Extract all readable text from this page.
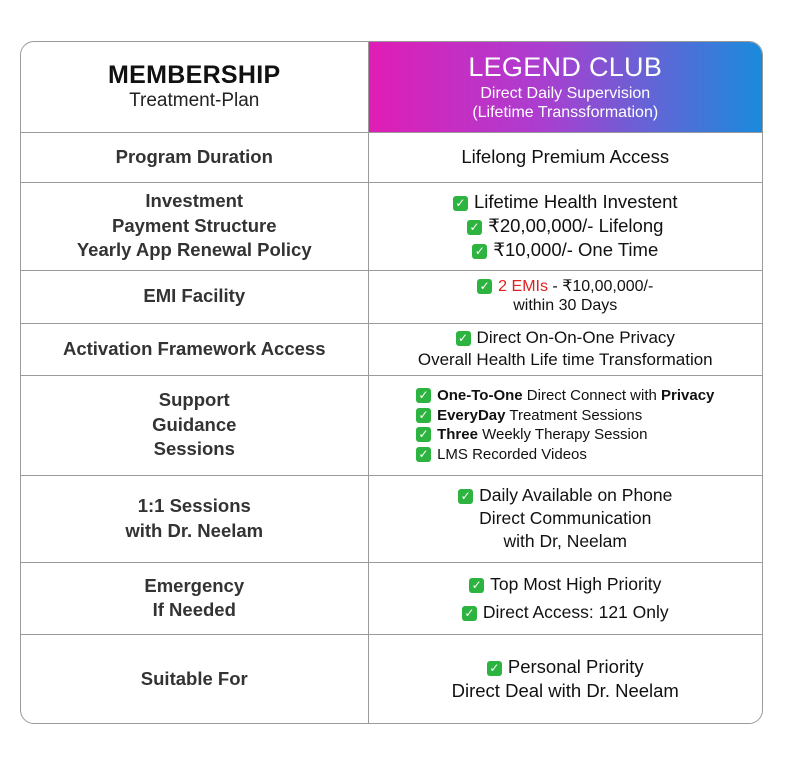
MEMBERSHIP
Treatment-Plan	LEGEND CLUB
Direct Daily Supervision
(Lifetime Transsformation)

Program Duration	Lifelong Premium Access

Investment
Payment Structure
Yearly App Renewal Policy	✓ Lifetime Health Investent
✓ ₹20,00,000/- Lifelong
✓ ₹10,000/- One Time

EMI Facility	✓ 2 EMIs - ₹10,00,000/-
within 30 Days

Activation Framework Access	✓ Direct On-On-One Privacy
Overall Health Life time Transformation

Support
Guidance
Sessions	✓ One-To-One Direct Connect with Privacy
✓ EveryDay Treatment Sessions
✓ Three Weekly Therapy Session
✓ LMS Recorded Videos

1:1 Sessions
with Dr. Neelam	✓ Daily Available on Phone
Direct Communication
with Dr, Neelam

Emergency
If Needed	✓ Top Most High Priority
✓ Direct Access: 121 Only

Suitable For	✓ Personal Priority
Direct Deal with Dr. Neelam
